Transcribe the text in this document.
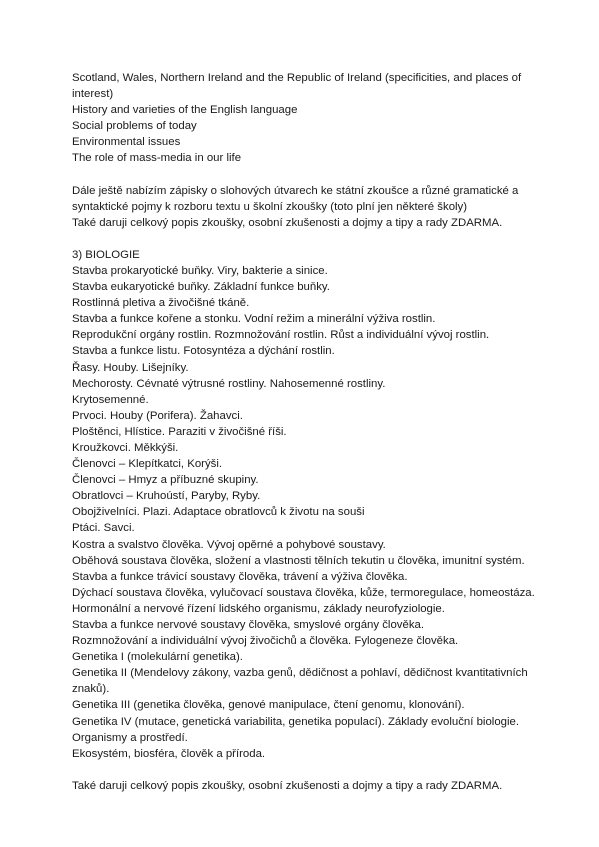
Scotland, Wales, Northern Ireland and the Republic of Ireland (specificities, and places of interest)
History and varieties of the English language
Social problems of today
Environmental issues
The role of mass-media in our life
Dále ještě nabízím zápisky o slohových útvarech ke státní zkoušce a různé gramatické a syntaktické pojmy k rozboru textu u školní zkoušky (toto plní jen některé školy)
Také daruji celkový popis zkoušky, osobní zkušenosti a dojmy a tipy a rady ZDARMA.
3) BIOLOGIE
Stavba prokaryotické buňky. Viry, bakterie a sinice.
Stavba eukaryotické buňky. Základní funkce buňky.
Rostlinná pletiva a živočišné tkáně.
Stavba a funkce kořene a stonku. Vodní režim a minerální výživa rostlin.
Reprodukční orgány rostlin. Rozmnožování rostlin. Růst a individuální vývoj rostlin.
Stavba a funkce listu. Fotosyntéza a dýchání rostlin.
Řasy. Houby. Lišejníky.
Mechorosty. Cévnaté výtrusné rostliny. Nahosemenné rostliny.
Krytosemenné.
Prvoci. Houby (Porifera). Žahavci.
Ploštěnci, Hlístice. Paraziti v živočišné říši.
Kroužkovci. Měkkýši.
Členovci – Klepítkatci, Korýši.
Členovci – Hmyz a příbuzné skupiny.
Obratlovci – Kruhoústí, Paryby, Ryby.
Obojživelníci. Plazi. Adaptace obratlovců k životu na souši
Ptáci. Savci.
Kostra a svalstvo člověka. Vývoj opěrné a pohybové soustavy.
Oběhová soustava člověka, složení a vlastnosti tělních tekutin u člověka, imunitní systém.
Stavba a funkce trávicí soustavy člověka, trávení a výživa člověka.
Dýchací soustava člověka, vylučovací soustava člověka, kůže, termoregulace, homeostáza.
Hormonální a nervové řízení lidského organismu, základy neurofyziologie.
Stavba a funkce nervové soustavy člověka, smyslové orgány člověka.
Rozmnožování a individuální vývoj živočichů a člověka. Fylogeneze člověka.
Genetika I (molekulární genetika).
Genetika II (Mendelovy zákony, vazba genů, dědičnost a pohlaví, dědičnost kvantitativních znaků).
Genetika III (genetika člověka, genové manipulace, čtení genomu, klonování).
Genetika IV (mutace, genetická variabilita, genetika populací). Základy evoluční biologie.
Organismy a prostředí.
Ekosystém, biosféra, člověk a příroda.
Také daruji celkový popis zkoušky, osobní zkušenosti a dojmy a tipy a rady ZDARMA.
